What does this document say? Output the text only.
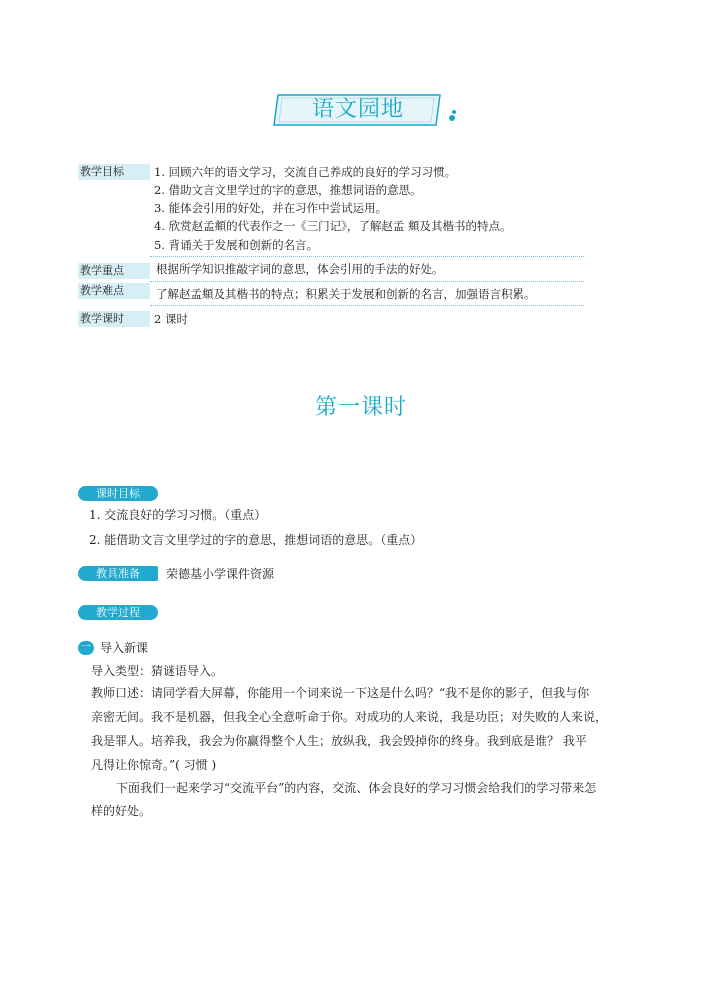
语文园地
教学目标	1. 回顾六年的语文学习，交流自己养成的良好的学习习惯。
2. 借助文言文里学过的字的意思，推想词语的意思。
3. 能体会引用的好处，并在习作中尝试运用。
4. 欣赏赵孟頫的代表作之一《三门记》，了解赵孟 頫及其楷书的特点。
5. 背诵关于发展和创新的名言。
教学重点	根据所学知识推敲字词的意思，体会引用的手法的好处。
教学难点	了解赵孟頫及其楷书的特点；积累关于发展和创新的名言，加强语言积累。
教学课时	2 课时
第一课时
课时目标
1. 交流良好的学习习惯。（重点）
2. 能借助文言文里学过的字的意思，推想词语的意思。（重点）
教具准备	荣德基小学课件资源
教学过程
一 导入新课
导入类型：猜谜语导入。
教师口述：请同学看大屏幕，你能用一个词来说一下这是什么吗？“我不是你的影子，但我与你
亲密无间。我不是机器，但我全心全意听命于你。对成功的人来说，我是功臣；对失败的人来说，
我是罪人。培养我，我会为你赢得整个人生；放纵我，我会毁掉你的终身。我到底是谁？ 我平
凡得让你惊奇。”( 习惯 )
下面我们一起来学习“交流平台”的内容，交流、体会良好的学习习惯会给我们的学习带来怎
样的好处。
